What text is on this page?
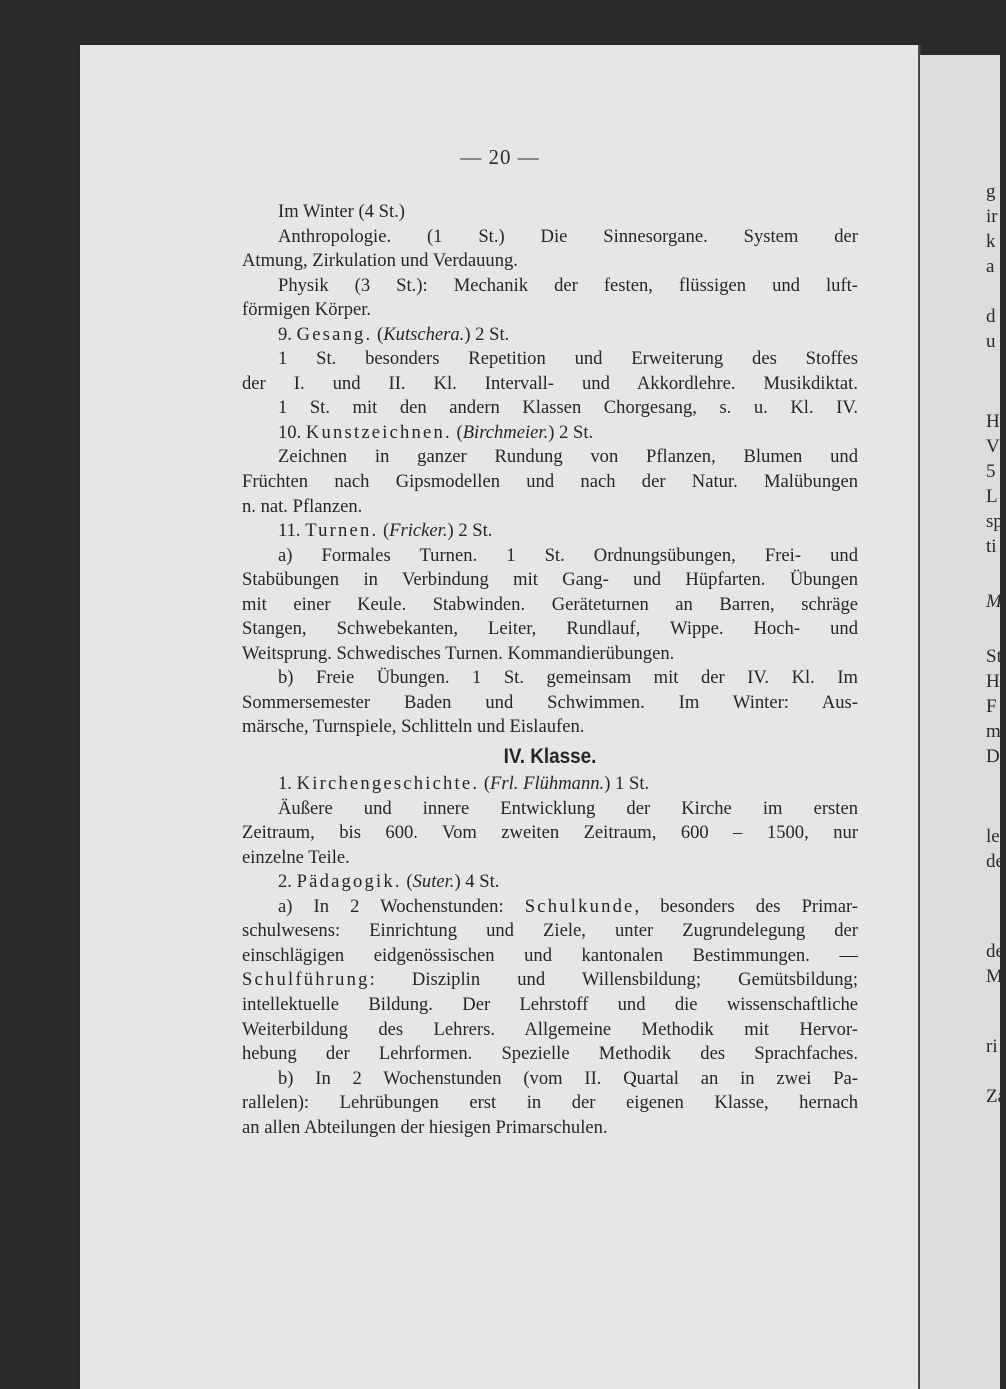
g
ir
k
a
d
u
H
V
5
L
sp
ti
M
St
H
F
m
D
le
de
de
M
ri
Za
— 20 —
Im Winter (4 St.)
Anthropologie. (1 St.) Die Sinnesorgane. System der
Atmung, Zirkulation und Verdauung.
Physik (3 St.): Mechanik der festen, flüssigen und luft-
förmigen Körper.
9. Gesang. (Kutschera.) 2 St.
1 St. besonders Repetition und Erweiterung des Stoffes
der I. und II. Kl. Intervall- und Akkordlehre. Musikdiktat.
1 St. mit den andern Klassen Chorgesang, s. u. Kl. IV.
10. Kunstzeichnen. (Birchmeier.) 2 St.
Zeichnen in ganzer Rundung von Pflanzen, Blumen und
Früchten nach Gipsmodellen und nach der Natur. Malübungen
n. nat. Pflanzen.
11. Turnen. (Fricker.) 2 St.
a) Formales Turnen. 1 St. Ordnungsübungen, Frei- und
Stabübungen in Verbindung mit Gang- und Hüpfarten. Übungen
mit einer Keule. Stabwinden. Geräteturnen an Barren, schräge
Stangen, Schwebekanten, Leiter, Rundlauf, Wippe. Hoch- und
Weitsprung. Schwedisches Turnen. Kommandierübungen.
b) Freie Übungen. 1 St. gemeinsam mit der IV. Kl. Im
Sommersemester Baden und Schwimmen. Im Winter: Aus-
märsche, Turnspiele, Schlitteln und Eislaufen.
IV. Klasse.
1. Kirchengeschichte. (Frl. Flühmann.) 1 St.
Äußere und innere Entwicklung der Kirche im ersten
Zeitraum, bis 600. Vom zweiten Zeitraum, 600 – 1500, nur
einzelne Teile.
2. Pädagogik. (Suter.) 4 St.
a) In 2 Wochenstunden: Schulkunde, besonders des Primar-
schulwesens: Einrichtung und Ziele, unter Zugrundelegung der
einschlägigen eidgenössischen und kantonalen Bestimmungen. —
Schulführung: Disziplin und Willensbildung; Gemütsbildung;
intellektuelle Bildung. Der Lehrstoff und die wissenschaftliche
Weiterbildung des Lehrers. Allgemeine Methodik mit Hervor-
hebung der Lehrformen. Spezielle Methodik des Sprachfaches.
b) In 2 Wochenstunden (vom II. Quartal an in zwei Pa-
rallelen): Lehrübungen erst in der eigenen Klasse, hernach
an allen Abteilungen der hiesigen Primarschulen.
